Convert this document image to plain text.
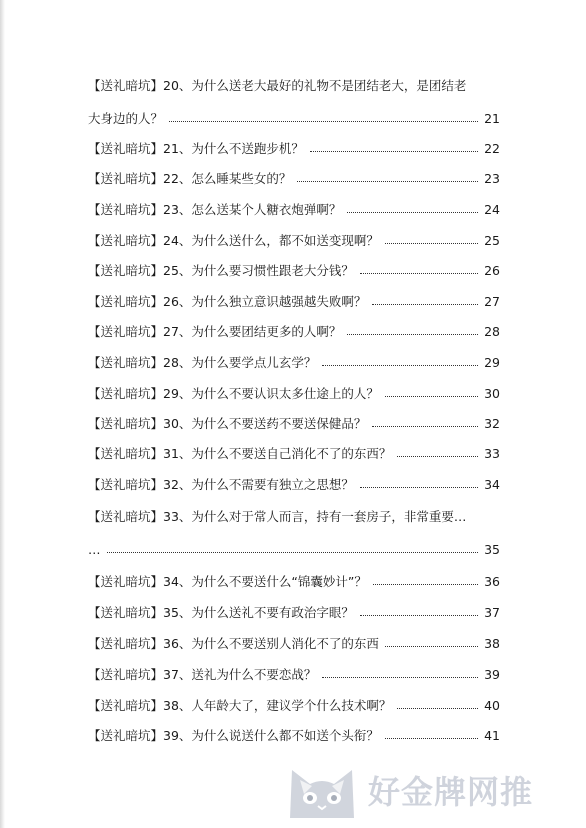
【送礼暗坑】20、为什么送老大最好的礼物不是团结老大，是团结老
大身边的人？	21
【送礼暗坑】21、为什么不送跑步机？	22
【送礼暗坑】22、怎么睡某些女的？	23
【送礼暗坑】23、怎么送某个人糖衣炮弹啊？	24
【送礼暗坑】24、为什么送什么，都不如送变现啊？	25
【送礼暗坑】25、为什么要习惯性跟老大分钱？	26
【送礼暗坑】26、为什么独立意识越强越失败啊？	27
【送礼暗坑】27、为什么要团结更多的人啊？	28
【送礼暗坑】28、为什么要学点儿玄学？	29
【送礼暗坑】29、为什么不要认识太多仕途上的人？	30
【送礼暗坑】30、为什么不要送药不要送保健品？	32
【送礼暗坑】31、为什么不要送自己消化不了的东西？	33
【送礼暗坑】32、为什么不需要有独立之思想？	34
【送礼暗坑】33、为什么对于常人而言，持有一套房子，非常重要…
…	35
【送礼暗坑】34、为什么不要送什么“锦囊妙计”？	36
【送礼暗坑】35、为什么送礼不要有政治字眼？	37
【送礼暗坑】36、为什么不要送别人消化不了的东西	38
【送礼暗坑】37、送礼为什么不要恋战？	39
【送礼暗坑】38、人年龄大了，建议学个什么技术啊？	40
【送礼暗坑】39、为什么说送什么都不如送个头衔？	41
好金牌网推
